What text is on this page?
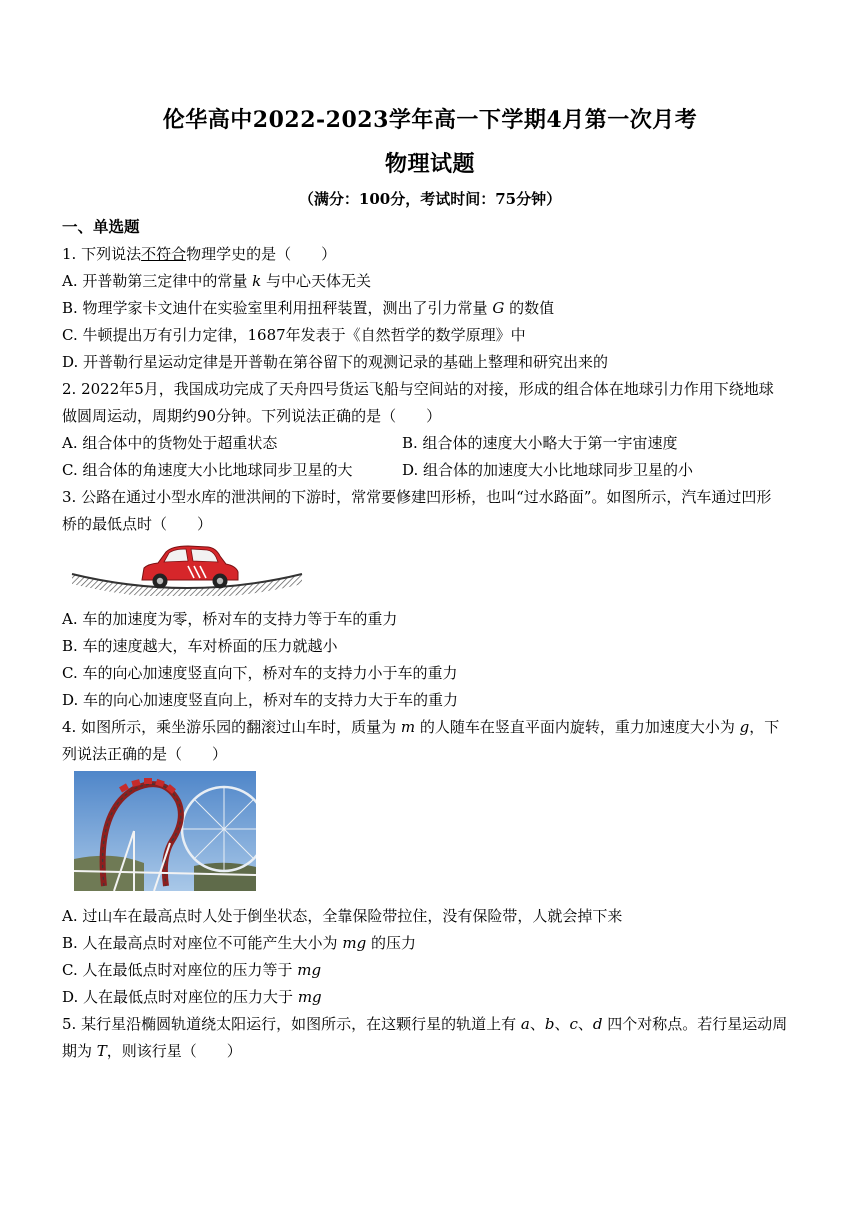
伦华高中2022-2023学年高一下学期4月第一次月考
物理试题
（满分：100分，考试时间：75分钟）
一、单选题
1. 下列说法不符合物理学史的是（　　）
A. 开普勒第三定律中的常量 k 与中心天体无关
B. 物理学家卡文迪什在实验室里利用扭秤装置，测出了引力常量 G 的数值
C. 牛顿提出万有引力定律，1687年发表于《自然哲学的数学原理》中
D. 开普勒行星运动定律是开普勒在第谷留下的观测记录的基础上整理和研究出来的
2. 2022年5月，我国成功完成了天舟四号货运飞船与空间站的对接，形成的组合体在地球引力作用下绕地球
做圆周运动，周期约90分钟。下列说法正确的是（　　）
A. 组合体中的货物处于超重状态	B. 组合体的速度大小略大于第一宇宙速度
C. 组合体的角速度大小比地球同步卫星的大	D. 组合体的加速度大小比地球同步卫星的小
3. 公路在通过小型水库的泄洪闸的下游时，常常要修建凹形桥，也叫“过水路面”。如图所示，汽车通过凹形
桥的最低点时（　　）
A. 车的加速度为零，桥对车的支持力等于车的重力
B. 车的速度越大，车对桥面的压力就越小
C. 车的向心加速度竖直向下，桥对车的支持力小于车的重力
D. 车的向心加速度竖直向上，桥对车的支持力大于车的重力
4. 如图所示，乘坐游乐园的翻滚过山车时，质量为 m 的人随车在竖直平面内旋转，重力加速度大小为 g，下
列说法正确的是（　　）
A. 过山车在最高点时人处于倒坐状态，全靠保险带拉住，没有保险带，人就会掉下来
B. 人在最高点时对座位不可能产生大小为 mg 的压力
C. 人在最低点时对座位的压力等于 mg
D. 人在最低点时对座位的压力大于 mg
5. 某行星沿椭圆轨道绕太阳运行，如图所示，在这颗行星的轨道上有 a、b、c、d 四个对称点。若行星运动周
期为 T，则该行星（　　）
